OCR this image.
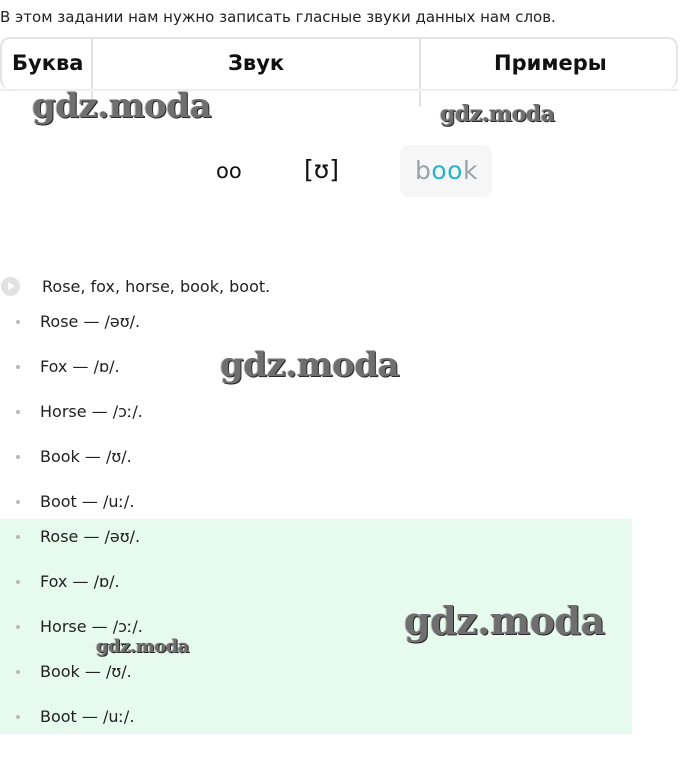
В этом задании нам нужно записать гласные звуки данных нам слов.
Буква	Звук	Примеры
gdz.moda	gdz.moda
oo [ʊ]	book
Rose, fox, horse, book, boot.
Rose — /əʊ/.
Fox — /ɒ/.
Horse — /ɔː/.
Book — /ʊ/.
Boot — /uː/.
gdz.moda
Rose — /əʊ/.
Fox — /ɒ/.
Horse — /ɔː/.
Book — /ʊ/.
Boot — /uː/.
gdz.moda
gdz.moda
